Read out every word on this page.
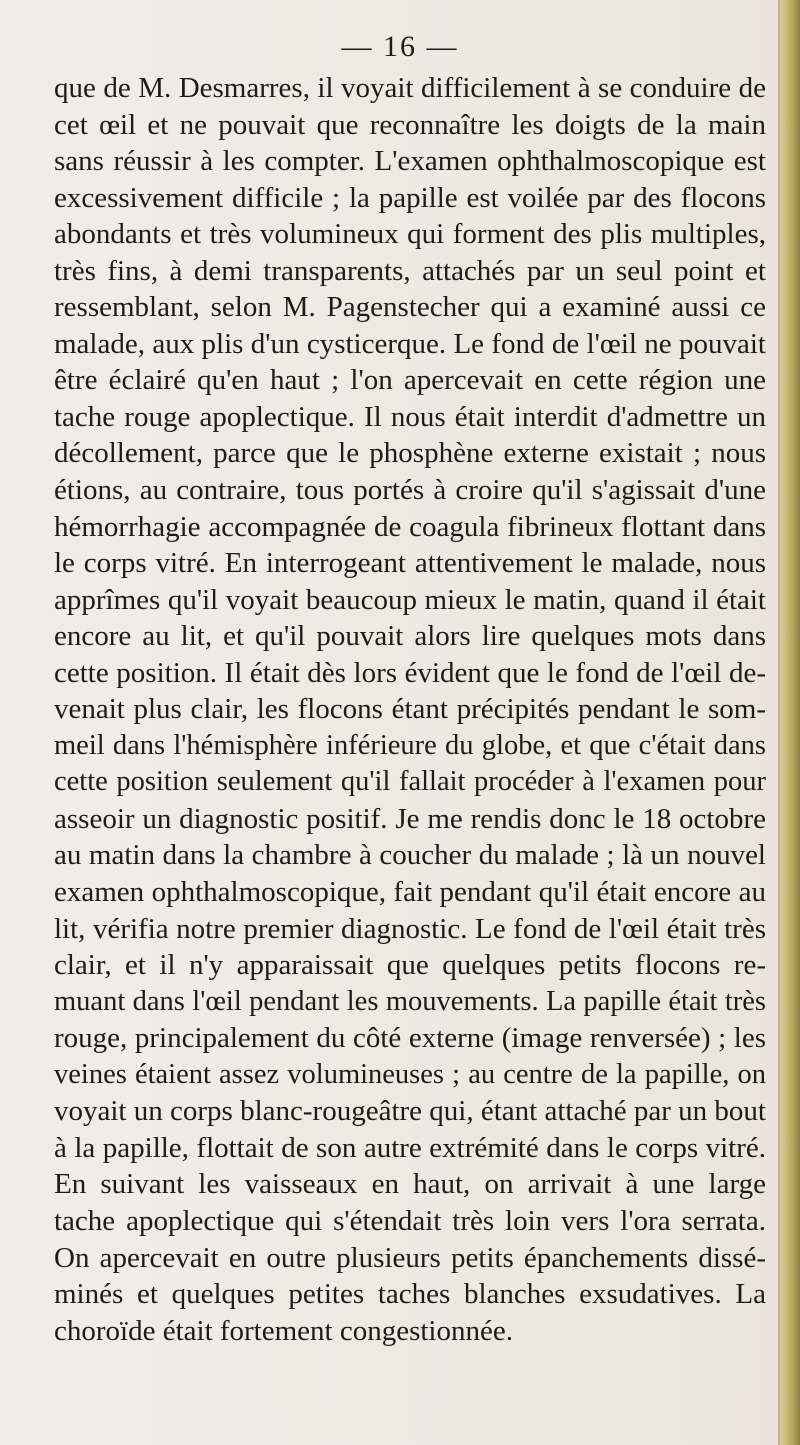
— 16 —
que de M. Desmarres, il voyait difficilement à se conduire de
cet œil et ne pouvait que reconnaître les doigts de la main
sans réussir à les compter. L'examen ophthalmoscopique est
excessivement difficile ; la papille est voilée par des flocons
abondants et très volumineux qui forment des plis multiples,
très fins, à demi transparents, attachés par un seul point et
ressemblant, selon M. Pagenstecher qui a examiné aussi ce
malade, aux plis d'un cysticerque. Le fond de l'œil ne pouvait
être éclairé qu'en haut ; l'on apercevait en cette région une
tache rouge apoplectique. Il nous était interdit d'admettre un
décollement, parce que le phosphène externe existait ; nous
étions, au contraire, tous portés à croire qu'il s'agissait d'une
hémorrhagie accompagnée de coagula fibrineux flottant dans
le corps vitré. En interrogeant attentivement le malade, nous
apprîmes qu'il voyait beaucoup mieux le matin, quand il était
encore au lit, et qu'il pouvait alors lire quelques mots dans
cette position. Il était dès lors évident que le fond de l'œil de-
venait plus clair, les flocons étant précipités pendant le som-
meil dans l'hémisphère inférieure du globe, et que c'était dans
cette position seulement qu'il fallait procéder à l'examen pour
asseoir un diagnostic positif. Je me rendis donc le 18 octobre
au matin dans la chambre à coucher du malade ; là un nouvel
examen ophthalmoscopique, fait pendant qu'il était encore au
lit, vérifia notre premier diagnostic. Le fond de l'œil était très
clair, et il n'y apparaissait que quelques petits flocons re-
muant dans l'œil pendant les mouvements. La papille était très
rouge, principalement du côté externe (image renversée) ; les
veines étaient assez volumineuses ; au centre de la papille, on
voyait un corps blanc-rougeâtre qui, étant attaché par un bout
à la papille, flottait de son autre extrémité dans le corps vitré.
En suivant les vaisseaux en haut, on arrivait à une large
tache apoplectique qui s'étendait très loin vers l'ora serrata.
On apercevait en outre plusieurs petits épanchements dissé-
minés et quelques petites taches blanches exsudatives. La
choroïde était fortement congestionnée.
